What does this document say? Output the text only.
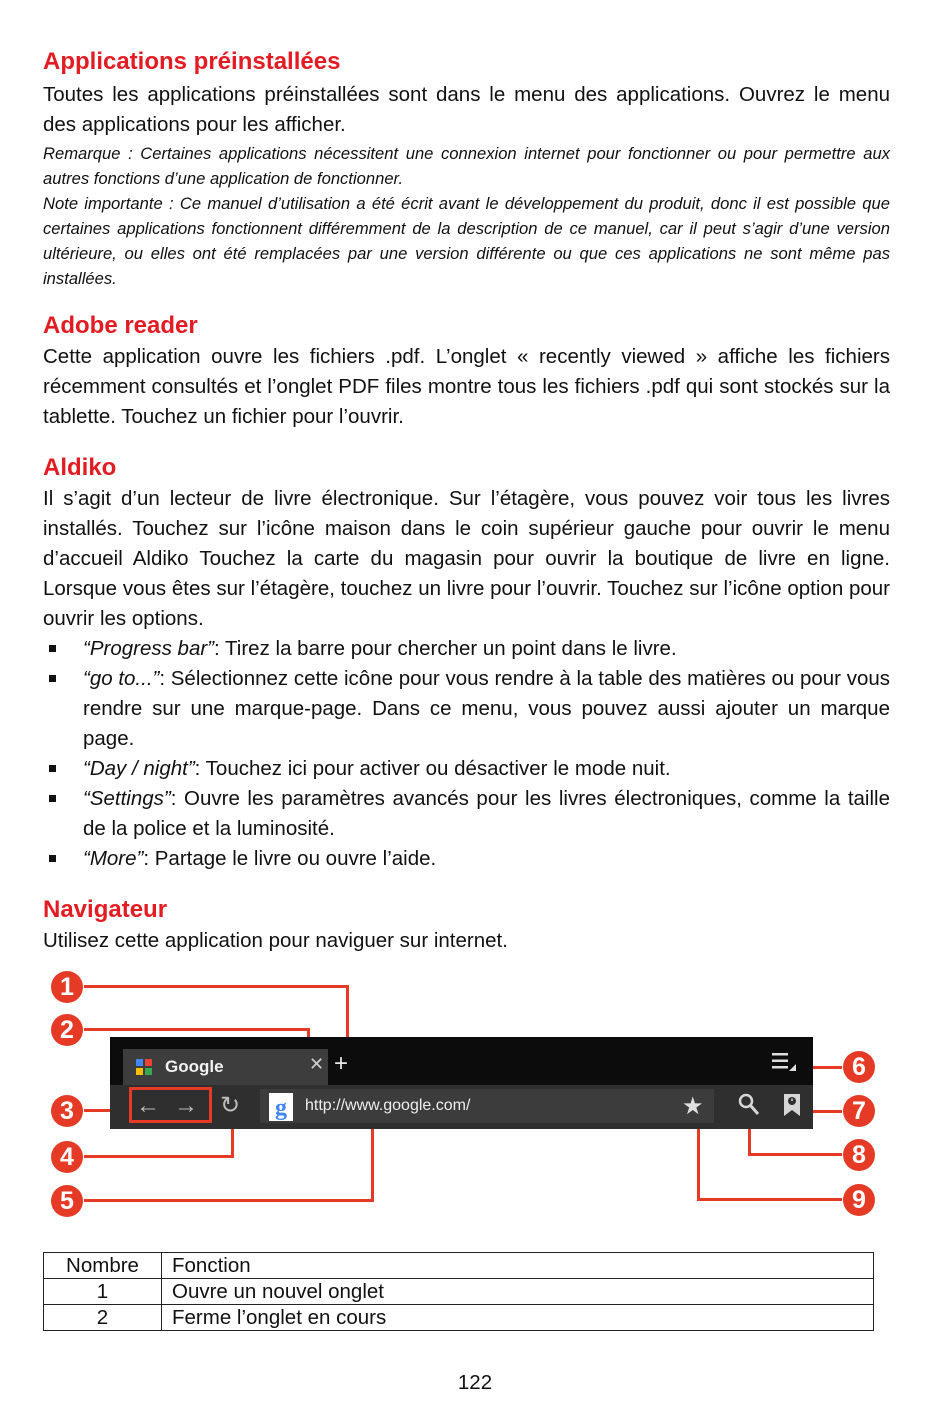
Applications préinstallées

Toutes les applications préinstallées sont dans le menu des applications. Ouvrez le menu des applications pour les afficher.

Remarque : Certaines applications nécessitent une connexion internet pour fonctionner ou pour permettre aux autres fonctions d’une application de fonctionner.

Note importante : Ce manuel d’utilisation a été écrit avant le développement du produit, donc il est possible que certaines applications fonctionnent différemment de la description de ce manuel, car il peut s’agir d’une version ultérieure, ou elles ont été remplacées par une version différente ou que ces applications ne sont même pas installées.

Adobe reader

Cette application ouvre les fichiers .pdf. L’onglet « recently viewed » affiche les fichiers récemment consultés et l’onglet PDF files montre tous les fichiers .pdf qui sont stockés sur la tablette. Touchez un fichier pour l’ouvrir.

Aldiko

Il s’agit d’un lecteur de livre électronique. Sur l’étagère, vous pouvez voir tous les livres installés. Touchez sur l’icône maison dans le coin supérieur gauche pour ouvrir le menu d’accueil Aldiko Touchez la carte du magasin pour ouvrir la boutique de livre en ligne. Lorsque vous êtes sur l’étagère, touchez un livre pour l’ouvrir. Touchez sur l’icône option pour ouvrir les options.

“Progress bar”: Tirez la barre pour chercher un point dans le livre.
“go to...”: Sélectionnez cette icône pour vous rendre à la table des matières ou pour vous rendre sur une marque-page. Dans ce menu, vous pouvez aussi ajouter un marque page.
“Day / night”: Touchez ici pour activer ou désactiver le mode nuit.
“Settings”: Ouvre les paramètres avancés pour les livres électroniques, comme la taille de la police et la luminosité.
“More”: Partage le livre ou ouvre l’aide.
Navigateur

Utilisez cette application pour naviguer sur internet.

Google	✕ +
← → ↻ g http://www.google.com/	★
1
2
3
4
5
6
7
8
9
Nombre	Fonction
1	Ouvre un nouvel onglet
2	Ferme l’onglet en cours
122
